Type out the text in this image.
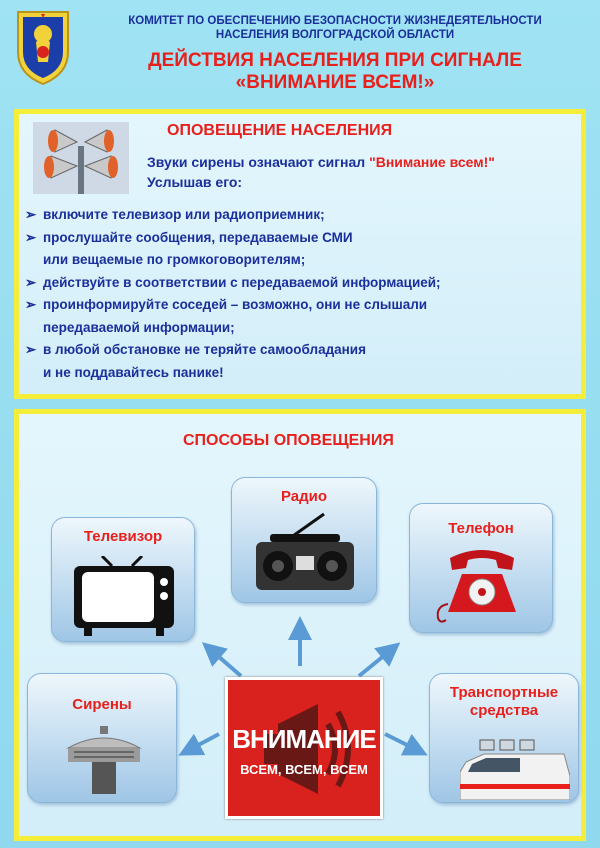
КОМИТЕТ ПО ОБЕСПЕЧЕНИЮ БЕЗОПАСНОСТИ ЖИЗНЕДЕЯТЕЛЬНОСТИ
НАСЕЛЕНИЯ ВОЛГОГРАДСКОЙ ОБЛАСТИ
ДЕЙСТВИЯ НАСЕЛЕНИЯ ПРИ СИГНАЛЕ
«ВНИМАНИЕ ВСЕМ!»
ОПОВЕЩЕНИЕ НАСЕЛЕНИЯ
Звуки сирены означают сигнал "Внимание всем!"
Услышав его:
➢ включите телевизор или радиоприемник;
➢ прослушайте сообщения, передаваемые СМИ
или вещаемые по громкоговорителям;
➢ действуйте в соответствии с передаваемой информацией;
➢ проинформируйте соседей – возможно, они не слышали
передаваемой информации;
➢ в любой обстановке не теряйте самообладания
и не поддавайтесь панике!
СПОСОБЫ ОПОВЕЩЕНИЯ
Телевизор
Радио
Телефон
Сирены
ВНИМАНИЕ
ВСЕМ, ВСЕМ, ВСЕМ
Транспортные
средства
